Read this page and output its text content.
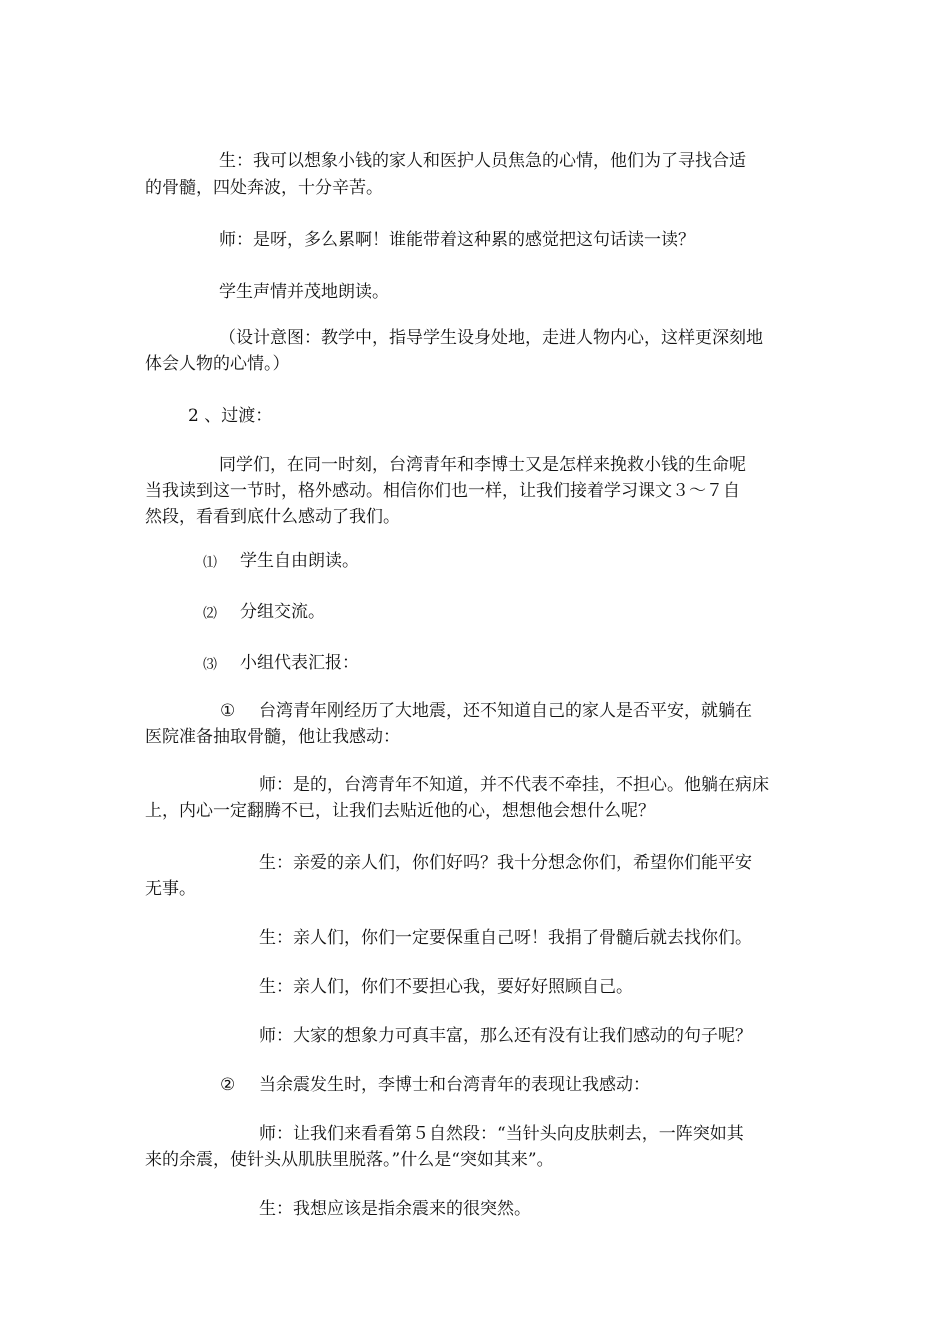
生：我可以想象小钱的家人和医护人员焦急的心情，他们为了寻找合适
的骨髓，四处奔波，十分辛苦。
师：是呀，多么累啊！谁能带着这种累的感觉把这句话读一读？
学生声情并茂地朗读。
（设计意图：教学中，指导学生设身处地，走进人物内心，这样更深刻地
体会人物的心情。）
2 、过渡：
同学们，在同一时刻，台湾青年和李博士又是怎样来挽救小钱的生命呢
当我读到这一节时，格外感动。相信你们也一样，让我们接着学习课文３～７自
然段，看看到底什么感动了我们。
⑴ 学生自由朗读。
⑵ 分组交流。
⑶ 小组代表汇报：
① 台湾青年刚经历了大地震，还不知道自己的家人是否平安，就躺在
医院准备抽取骨髓，他让我感动：
师：是的，台湾青年不知道，并不代表不牵挂，不担心。他躺在病床
上，内心一定翻腾不已，让我们去贴近他的心，想想他会想什么呢？
生：亲爱的亲人们，你们好吗？我十分想念你们，希望你们能平安
无事。
生：亲人们，你们一定要保重自己呀！我捐了骨髓后就去找你们。
生：亲人们，你们不要担心我，要好好照顾自己。
师：大家的想象力可真丰富，那么还有没有让我们感动的句子呢？
② 当余震发生时，李博士和台湾青年的表现让我感动：
师：让我们来看看第５自然段：“当针头向皮肤刺去，一阵突如其
来的余震，使针头从肌肤里脱落。”什么是“突如其来”。
生：我想应该是指余震来的很突然。
